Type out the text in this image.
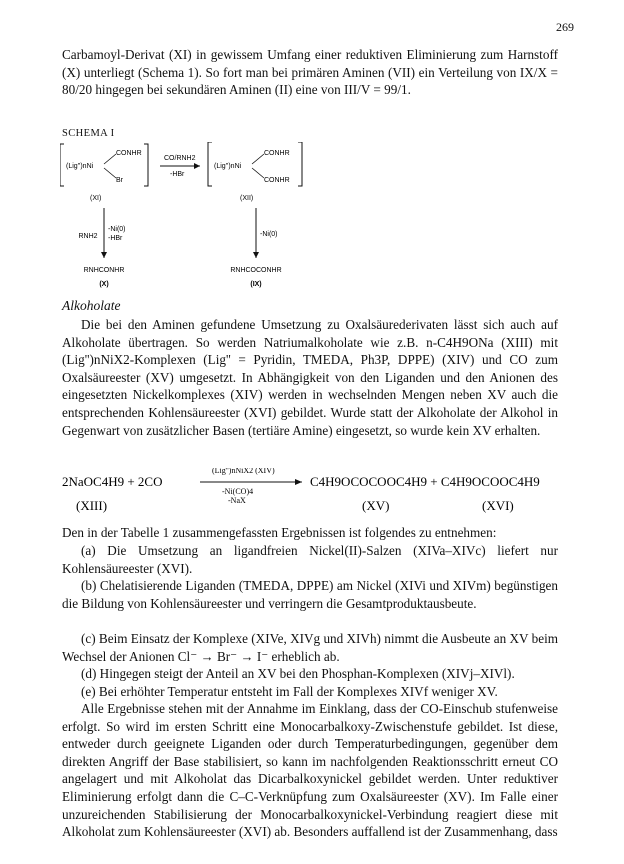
269

Carbamoyl-Derivat (XI) in gewissem Umfang einer reduktiven Eliminierung zum Harnstoff (X) unterliegt (Schema 1). So fort man bei primären Aminen (VII) ein Verteilung von IX/X = 80/20 hingegen bei sekundären Aminen (II) eine von III/V = 99/1.

SCHEMA I
(Lig'')nNi
CONHR
Br
(XI)
CO/RNH2
-HBr
(Lig'')nNi
CONHR
CONHR
(XII)
RNH2
-Ni(0)
-HBr
-Ni(0)
RNHCONHR
(X)
RNHCOCONHR
(IX)
Alkoholate

Die bei den Aminen gefundene Umsetzung zu Oxalsäurederivaten lässt sich auch auf Alkoholate übertragen. So werden Natriumalkoholate wie z.B. n-C4H9ONa (XIII) mit (Lig'')nNiX2-Komplexen (Lig'' = Pyridin, TMEDA, Ph3P, DPPE) (XIV) und CO zum Oxalsäureester (XV) umgesetzt. In Abhängigkeit von den Liganden und den Anionen des eingesetzten Nickelkomplexes (XIV) werden in wechselnden Mengen neben XV auch die entsprechenden Kohlensäureester (XVI) gebildet. Wurde statt der Alkoholate der Alkohol in Gegenwart von zusätzlicher Basen (tertiäre Amine) eingesetzt, so wurde kein XV erhalten.

2NaOC4H9 + 2CO
(Lig'')nNiX2 (XIV)
-Ni(CO)4
-NaX
C4H9OCOCOOC4H9 + C4H9OCOOC4H9
(XIII)	(XV)	(XVI)

Den in der Tabelle 1 zusammengefassten Ergebnissen ist folgendes zu entnehmen:

(a) Die Umsetzung an ligandfreien Nickel(II)-Salzen (XIVa–XIVc) liefert nur Kohlensäureester (XVI).

(b) Chelatisierende Liganden (TMEDA, DPPE) am Nickel (XIVi und XIVm) begünstigen die Bildung von Kohlensäureester und verringern die Gesamtproduktausbeute.

(c) Beim Einsatz der Komplexe (XIVe, XIVg und XIVh) nimmt die Ausbeute an XV beim Wechsel der Anionen Cl⁻ → Br⁻ → I⁻ erheblich ab.

(d) Hingegen steigt der Anteil an XV bei den Phosphan-Komplexen (XIVj–XIVl).

(e) Bei erhöhter Temperatur entsteht im Fall der Komplexes XIVf weniger XV.

Alle Ergebnisse stehen mit der Annahme im Einklang, dass der CO-Einschub stufenweise erfolgt. So wird im ersten Schritt eine Monocarbalkoxy-Zwischenstufe gebildet. Ist diese, entweder durch geeignete Liganden oder durch Temperaturbedingungen, gegenüber dem direkten Angriff der Base stabilisiert, so kann im nachfolgenden Reaktionsschritt erneut CO angelagert und mit Alkoholat das Dicarbalkoxynickel gebildet werden. Unter reduktiver Eliminierung erfolgt dann die C–C-Verknüpfung zum Oxalsäureester (XV). Im Falle einer unzureichenden Stabilisierung der Monocarbalkoxynickel-Verbindung reagiert diese mit Alkoholat zum Kohlensäureester (XVI) ab. Besonders auffallend ist der Zusammenhang, dass
